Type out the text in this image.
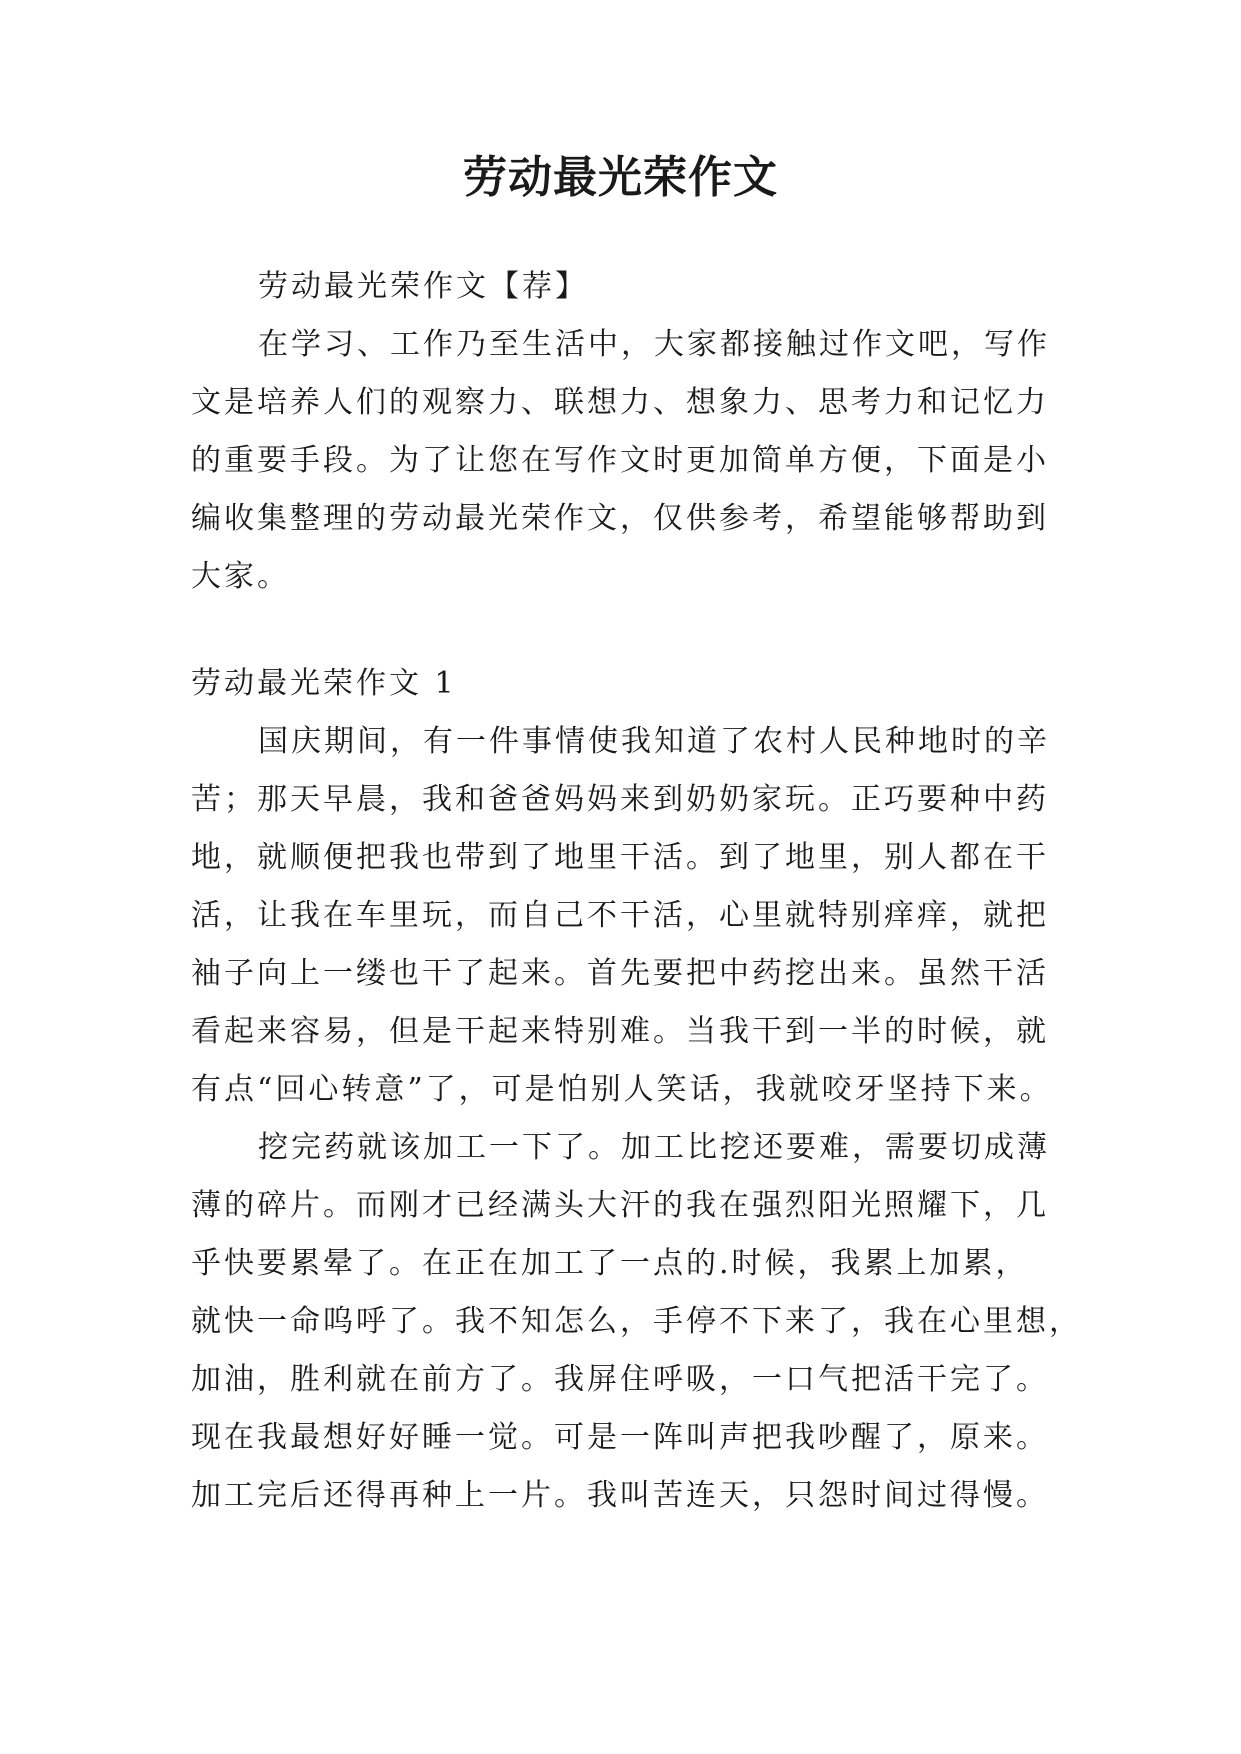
劳动最光荣作文
劳动最光荣作文【荐】
在学习、工作乃至生活中，大家都接触过作文吧，写作
文是培养人们的观察力、联想力、想象力、思考力和记忆力
的重要手段。为了让您在写作文时更加简单方便，下面是小
编收集整理的劳动最光荣作文，仅供参考，希望能够帮助到
大家。
劳动最光荣作文 1
国庆期间，有一件事情使我知道了农村人民种地时的辛
苦；那天早晨，我和爸爸妈妈来到奶奶家玩。正巧要种中药
地，就顺便把我也带到了地里干活。到了地里，别人都在干
活，让我在车里玩，而自己不干活，心里就特别痒痒，就把
袖子向上一缕也干了起来。首先要把中药挖出来。虽然干活
看起来容易，但是干起来特别难。当我干到一半的时候，就
有点“回心转意”了，可是怕别人笑话，我就咬牙坚持下来。
挖完药就该加工一下了。加工比挖还要难，需要切成薄
薄的碎片。而刚才已经满头大汗的我在强烈阳光照耀下，几
乎快要累晕了。在正在加工了一点的.时候，我累上加累，
就快一命呜呼了。我不知怎么，手停不下来了，我在心里想，
加油，胜利就在前方了。我屏住呼吸，一口气把活干完了。
现在我最想好好睡一觉。可是一阵叫声把我吵醒了，原来。
加工完后还得再种上一片。我叫苦连天，只怨时间过得慢。
